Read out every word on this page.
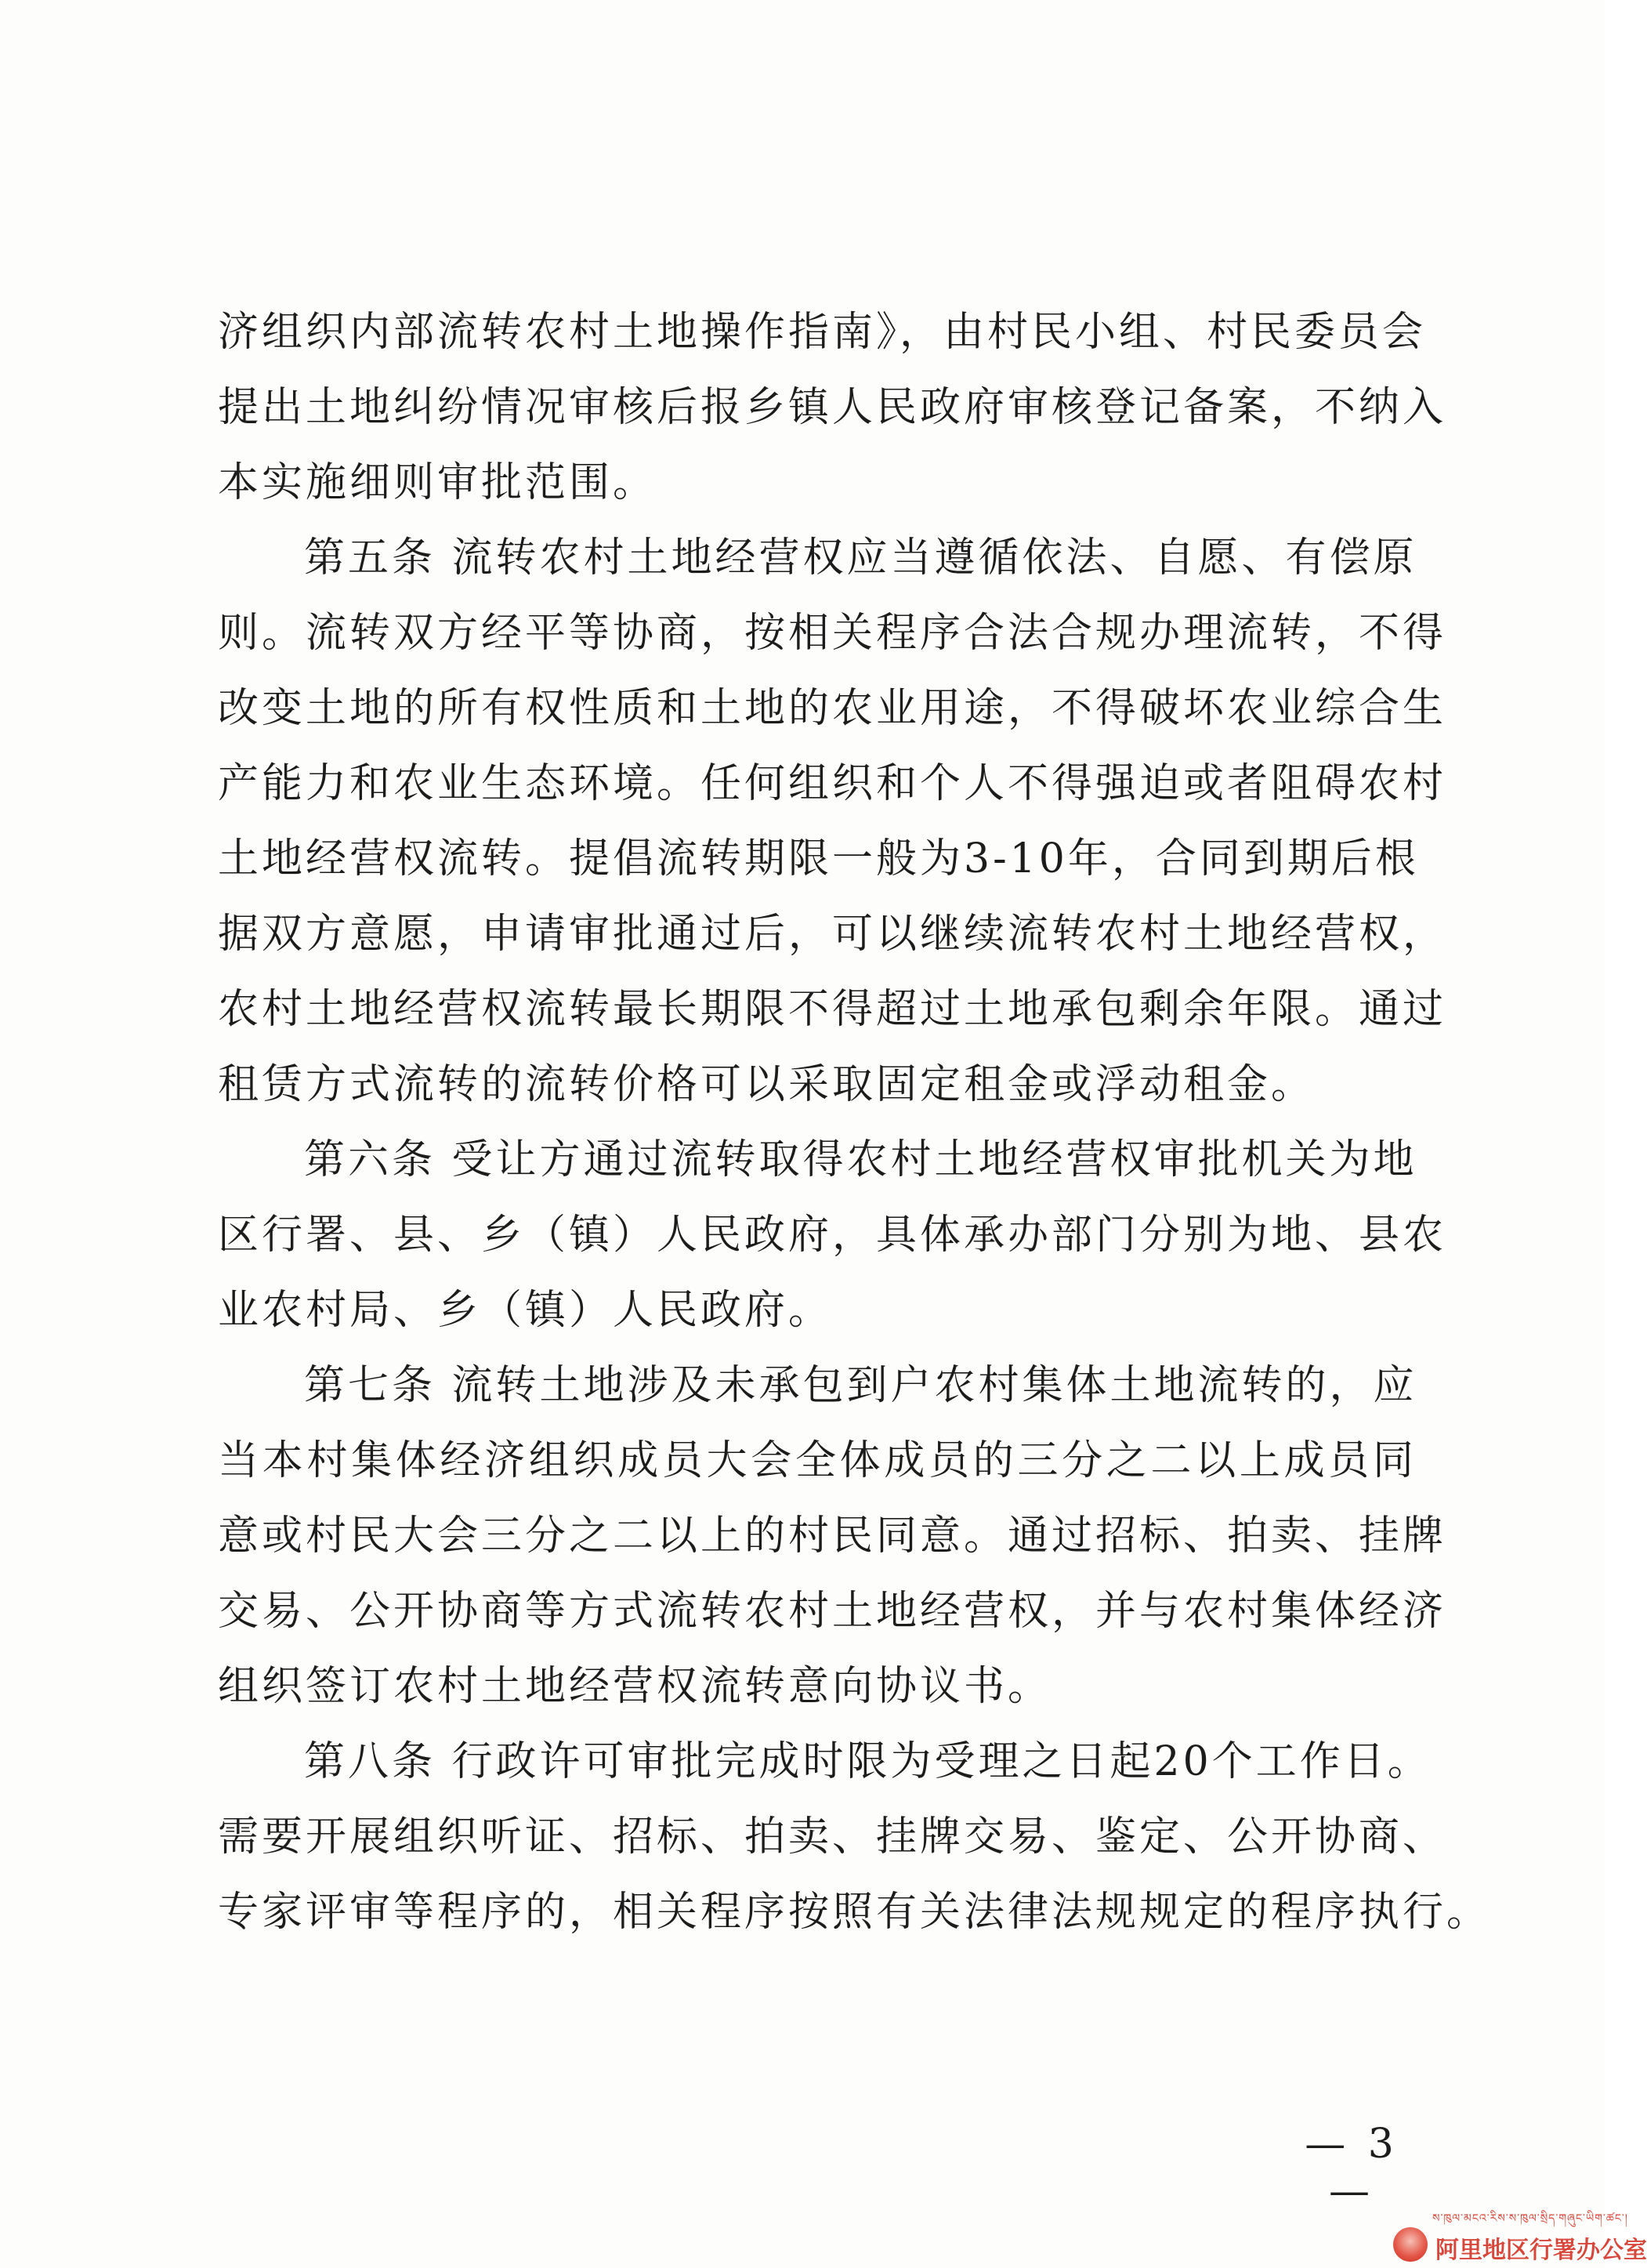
济组织内部流转农村土地操作指南》，由村民小组、村民委员会
提出土地纠纷情况审核后报乡镇人民政府审核登记备案，不纳入
本实施细则审批范围。
第五条 流转农村土地经营权应当遵循依法、自愿、有偿原
则。流转双方经平等协商，按相关程序合法合规办理流转，不得
改变土地的所有权性质和土地的农业用途，不得破坏农业综合生
产能力和农业生态环境。任何组织和个人不得强迫或者阻碍农村
土地经营权流转。提倡流转期限一般为3-10年，合同到期后根
据双方意愿，申请审批通过后，可以继续流转农村土地经营权，
农村土地经营权流转最长期限不得超过土地承包剩余年限。通过
租赁方式流转的流转价格可以采取固定租金或浮动租金。
第六条 受让方通过流转取得农村土地经营权审批机关为地
区行署、县、乡（镇）人民政府，具体承办部门分别为地、县农
业农村局、乡（镇）人民政府。
第七条 流转土地涉及未承包到户农村集体土地流转的，应
当本村集体经济组织成员大会全体成员的三分之二以上成员同
意或村民大会三分之二以上的村民同意。通过招标、拍卖、挂牌
交易、公开协商等方式流转农村土地经营权，并与农村集体经济
组织签订农村土地经营权流转意向协议书。
第八条 行政许可审批完成时限为受理之日起20个工作日。
需要开展组织听证、招标、拍卖、挂牌交易、鉴定、公开协商、
专家评审等程序的，相关程序按照有关法律法规规定的程序执行。
— 3 —
ས་ཁུལ་མངའ་རིས་ས་ཁུལ་སྲིད་གཞུང་ཡིག་ཚང་།
阿里地区行署办公室
